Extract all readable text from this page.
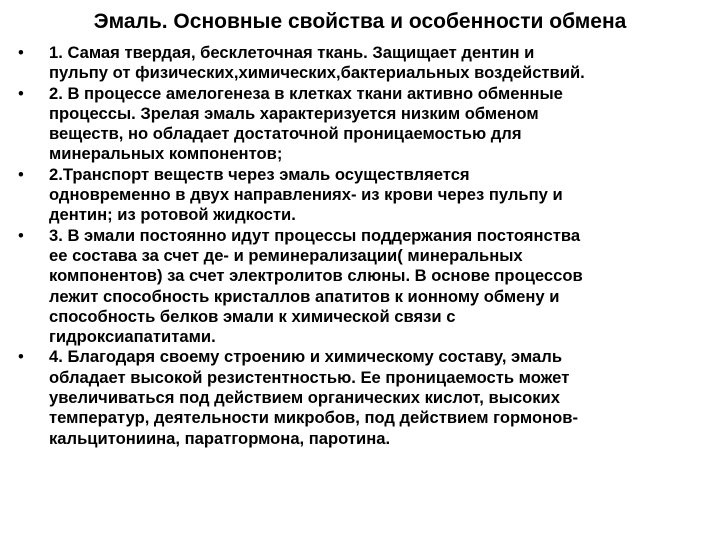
Эмаль. Основные свойства и особенности обмена
•	1. Самая твердая, бесклеточная ткань. Защищает дентин и
пульпу от физических,химических,бактериальных воздействий.
•	2. В процессе амелогенеза в клетках ткани активно обменные
процессы. Зрелая эмаль характеризуется низким обменом
веществ, но обладает достаточной проницаемостью для
минеральных компонентов;
•	2.Транспорт веществ через эмаль осуществляется
одновременно в двух направлениях- из крови через пульпу и
дентин; из ротовой жидкости.
•	3. В эмали постоянно идут процессы поддержания постоянства
ее состава за счет де- и реминерализации( минеральных
компонентов) за счет электролитов слюны. В основе процессов
лежит способность кристаллов апатитов к ионному обмену и
способность белков эмали к химической связи с
гидроксиапатитами.
•	4. Благодаря своему строению и химическому составу, эмаль
обладает высокой резистентностью. Ее проницаемость может
увеличиваться под действием органических кислот, высоких
температур, деятельности микробов, под действием гормонов-
кальцитониина, паратгормона, паротина.
